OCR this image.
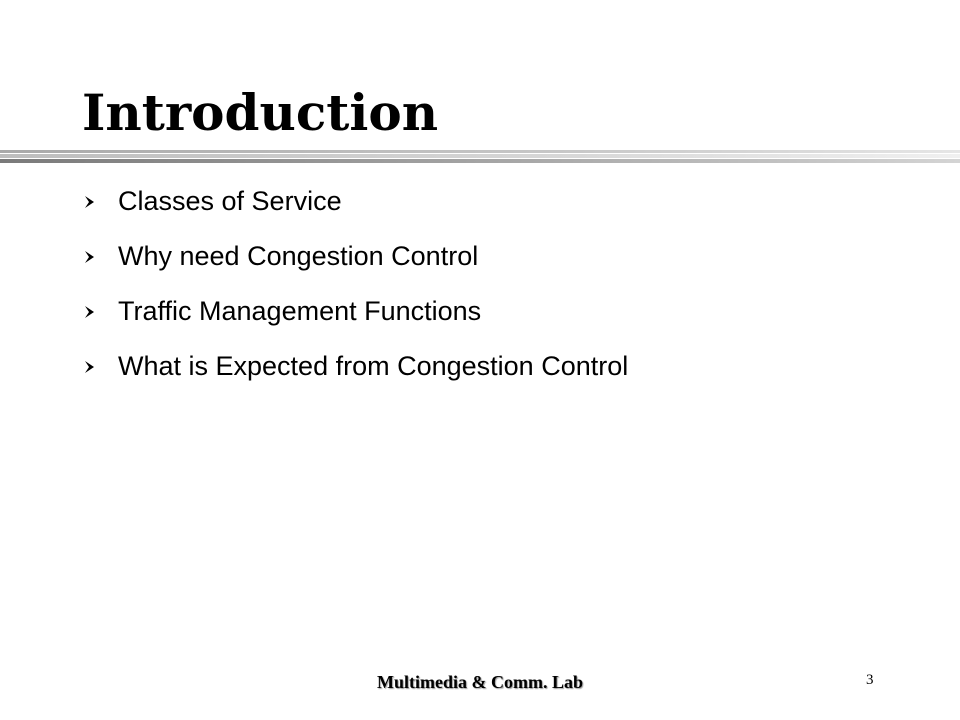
Introduction
Classes of Service
Why need Congestion Control
Traffic Management Functions
What is Expected from Congestion Control
Multimedia & Comm. Lab	3
